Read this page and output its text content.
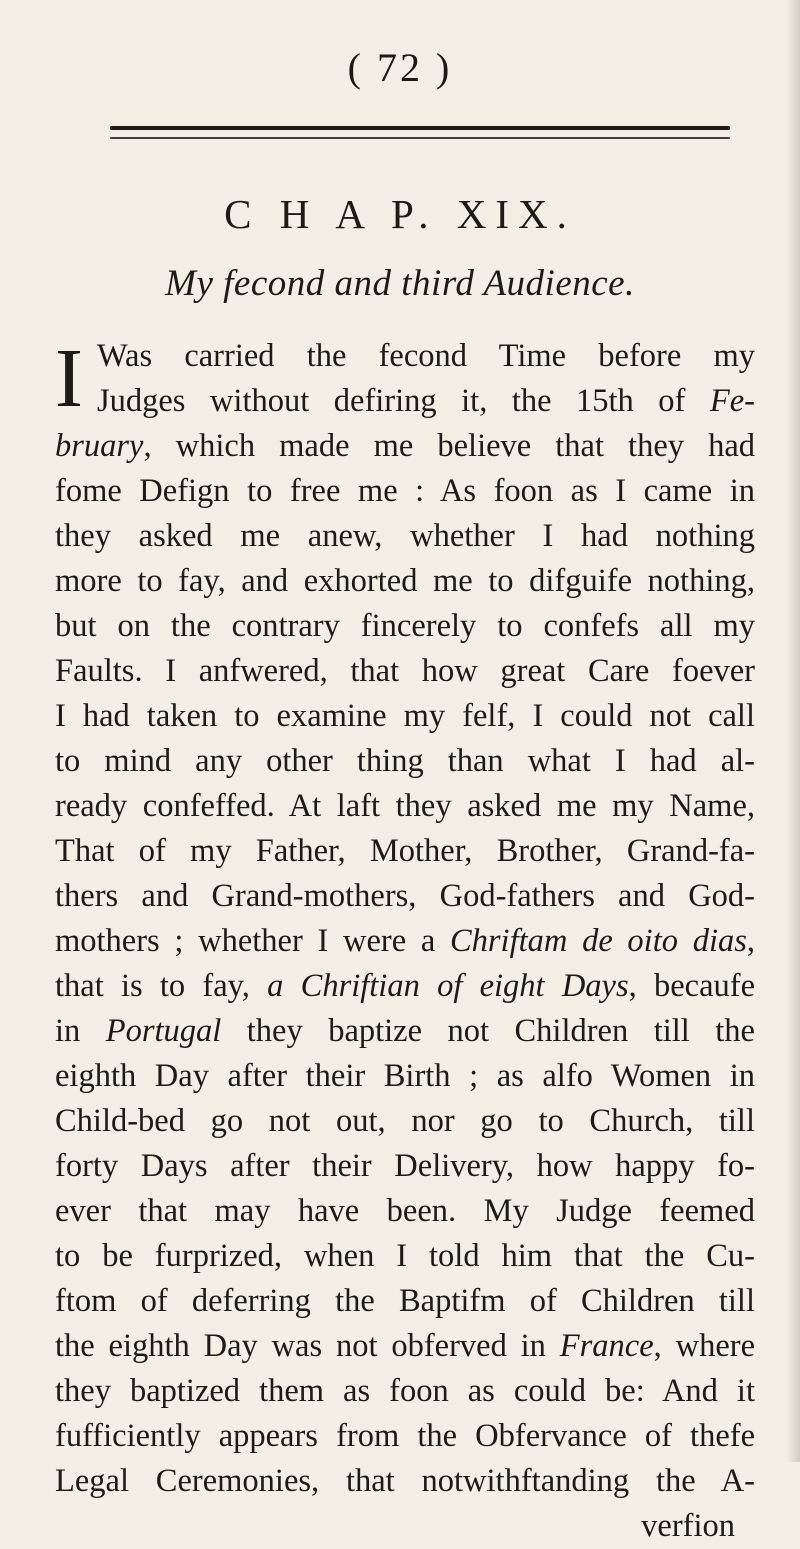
( 72 )
C H A P. XIX.
My fecond and third Audience.
I Was carried the fecond Time before my
Judges without defiring it, the 15th of Fe-
bruary, which made me believe that they had
fome Defign to free me : As foon as I came in
they asked me anew, whether I had nothing
more to fay, and exhorted me to difguife nothing,
but on the contrary fincerely to confefs all my
Faults. I anfwered, that how great Care foever
I had taken to examine my felf, I could not call
to mind any other thing than what I had al-
ready confeffed. At laft they asked me my Name,
That of my Father, Mother, Brother, Grand-fa-
thers and Grand-mothers, God-fathers and God-
mothers ; whether I were a Chriftam de oito dias,
that is to fay, a Chriftian of eight Days, becaufe
in Portugal they baptize not Children till the
eighth Day after their Birth ; as alfo Women in
Child-bed go not out, nor go to Church, till
forty Days after their Delivery, how happy fo-
ever that may have been. My Judge feemed
to be furprized, when I told him that the Cu-
ftom of deferring the Baptifm of Children till
the eighth Day was not obferved in France, where
they baptized them as foon as could be: And it
fufficiently appears from the Obfervance of thefe
Legal Ceremonies, that notwithftanding the A-
verfion
